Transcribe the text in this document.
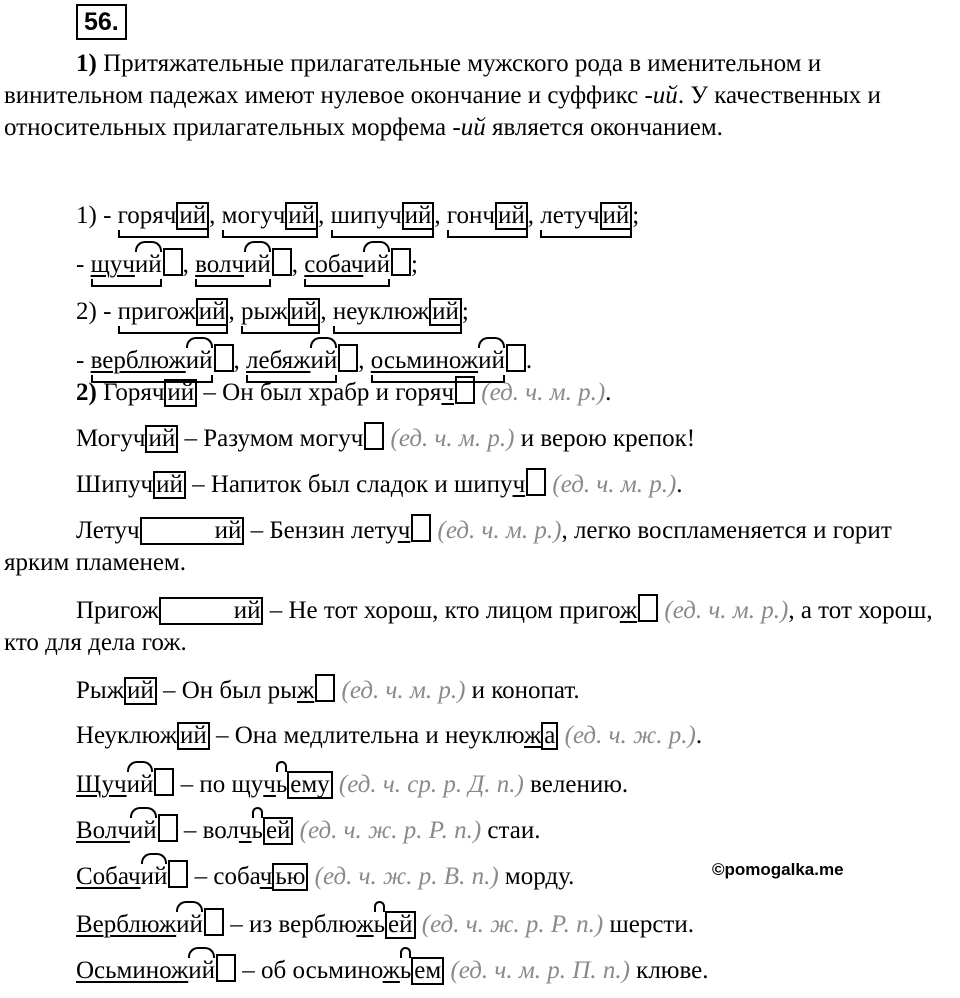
56.
1) Притяжательные прилагательные мужского рода в именительном и винительном падежах имеют нулевое окончание и суффикс -ий. У качественных и относительных прилагательных морфема -ий является окончанием.
1) - горяч ий , могуч ий , шипуч ий , гонч ий , летуч ий ;
- щучий , волчий , собачий ;
2) - пригож ий , рыж ий , неуклюж ий ;
- верблюжий , лебяжий , осьминожий .
2) Горяч ий – Он был храбр и горяч (ед. ч. м. р.).
Могуч ий – Разумом могуч (ед. ч. м. р.) и верою крепок!
Шипуч ий – Напиток был сладок и шипуч (ед. ч. м. р.).
Летуч	ий – Бензин летуч (ед. ч. м. р.), легко воспламеняется и горит ярким пламенем.
Пригож	ий – Не тот хорош, кто лицом пригож (ед. ч. м. р.), а тот хорош, кто для дела гож.
Рыж ий – Он был рыж (ед. ч. м. р.) и конопат.
Неуклюж ий – Она медлительна и неуклюж а (ед. ч. ж. р.).
Щучий – по щучь ему (ед. ч. ср. р. Д. п.) велению.
Волчий – волчь ей (ед. ч. ж. р. Р. п.) стаи.
Собачий – собач ью (ед. ч. ж. р. В. п.) морду.
Верблюжий – из верблюжь ей (ед. ч. ж. р. Р. п.) шерсти.
Осьминожий – об осьминожь ем (ед. ч. м. р. П. п.) клюве.
©pomogalka.me
